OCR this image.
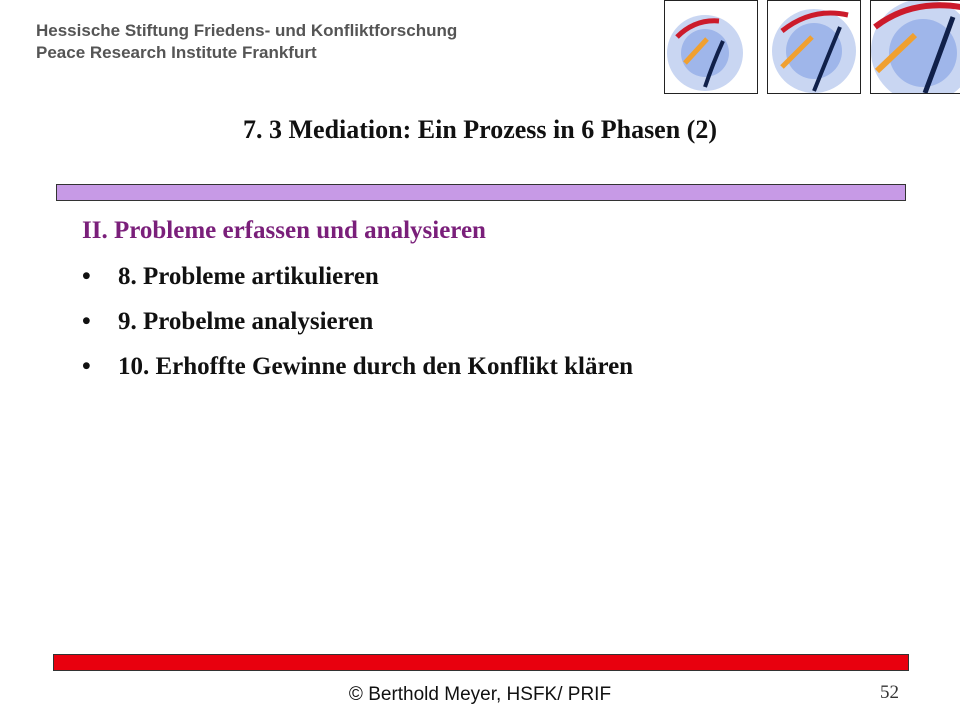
Hessische Stiftung Friedens- und Konfliktforschung
Peace Research Institute Frankfurt
7. 3 Mediation: Ein Prozess in 6 Phasen (2)
II. Probleme erfassen und analysieren
• 8. Probleme artikulieren
• 9. Probelme analysieren
• 10. Erhoffte Gewinne durch den Konflikt klären
© Berthold Meyer, HSFK/ PRIF	52
